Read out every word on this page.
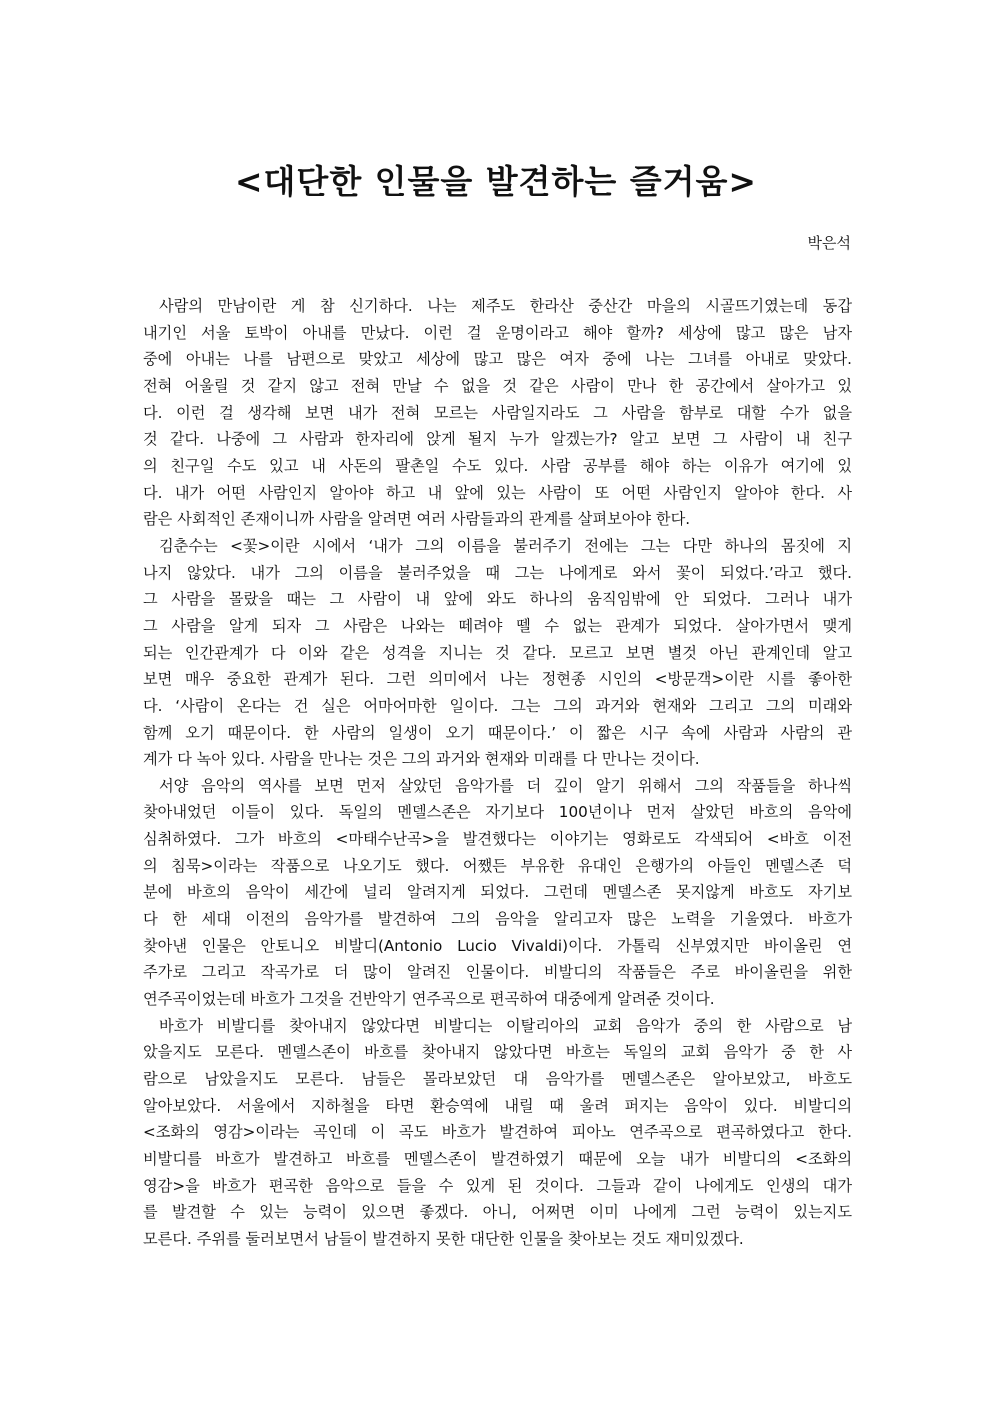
<대단한 인물을 발견하는 즐거움>
박은석
사람의 만남이란 게 참 신기하다. 나는 제주도 한라산 중산간 마을의 시골뜨기였는데 동갑
내기인 서울 토박이 아내를 만났다. 이런 걸 운명이라고 해야 할까? 세상에 많고 많은 남자
중에 아내는 나를 남편으로 맞았고 세상에 많고 많은 여자 중에 나는 그녀를 아내로 맞았다.
전혀 어울릴 것 같지 않고 전혀 만날 수 없을 것 같은 사람이 만나 한 공간에서 살아가고 있
다. 이런 걸 생각해 보면 내가 전혀 모르는 사람일지라도 그 사람을 함부로 대할 수가 없을
것 같다. 나중에 그 사람과 한자리에 앉게 될지 누가 알겠는가? 알고 보면 그 사람이 내 친구
의 친구일 수도 있고 내 사돈의 팔촌일 수도 있다. 사람 공부를 해야 하는 이유가 여기에 있
다. 내가 어떤 사람인지 알아야 하고 내 앞에 있는 사람이 또 어떤 사람인지 알아야 한다. 사
람은 사회적인 존재이니까 사람을 알려면 여러 사람들과의 관계를 살펴보아야 한다.
김춘수는 <꽃>이란 시에서 ‘내가 그의 이름을 불러주기 전에는 그는 다만 하나의 몸짓에 지
나지 않았다. 내가 그의 이름을 불러주었을 때 그는 나에게로 와서 꽃이 되었다.’라고 했다.
그 사람을 몰랐을 때는 그 사람이 내 앞에 와도 하나의 움직임밖에 안 되었다. 그러나 내가
그 사람을 알게 되자 그 사람은 나와는 떼려야 뗄 수 없는 관계가 되었다. 살아가면서 맺게
되는 인간관계가 다 이와 같은 성격을 지니는 것 같다. 모르고 보면 별것 아닌 관계인데 알고
보면 매우 중요한 관계가 된다. 그런 의미에서 나는 정현종 시인의 <방문객>이란 시를 좋아한
다. ‘사람이 온다는 건 실은 어마어마한 일이다. 그는 그의 과거와 현재와 그리고 그의 미래와
함께 오기 때문이다. 한 사람의 일생이 오기 때문이다.’ 이 짧은 시구 속에 사람과 사람의 관
계가 다 녹아 있다. 사람을 만나는 것은 그의 과거와 현재와 미래를 다 만나는 것이다.
서양 음악의 역사를 보면 먼저 살았던 음악가를 더 깊이 알기 위해서 그의 작품들을 하나씩
찾아내었던 이들이 있다. 독일의 멘델스존은 자기보다 100년이나 먼저 살았던 바흐의 음악에
심취하였다. 그가 바흐의 <마태수난곡>을 발견했다는 이야기는 영화로도 각색되어 <바흐 이전
의 침묵>이라는 작품으로 나오기도 했다. 어쨌든 부유한 유대인 은행가의 아들인 멘델스존 덕
분에 바흐의 음악이 세간에 널리 알려지게 되었다. 그런데 멘델스존 못지않게 바흐도 자기보
다 한 세대 이전의 음악가를 발견하여 그의 음악을 알리고자 많은 노력을 기울였다. 바흐가
찾아낸 인물은 안토니오 비발디(Antonio Lucio Vivaldi)이다. 가톨릭 신부였지만 바이올린 연
주가로 그리고 작곡가로 더 많이 알려진 인물이다. 비발디의 작품들은 주로 바이올린을 위한
연주곡이었는데 바흐가 그것을 건반악기 연주곡으로 편곡하여 대중에게 알려준 것이다.
바흐가 비발디를 찾아내지 않았다면 비발디는 이탈리아의 교회 음악가 중의 한 사람으로 남
았을지도 모른다. 멘델스존이 바흐를 찾아내지 않았다면 바흐는 독일의 교회 음악가 중 한 사
람으로 남았을지도 모른다. 남들은 몰라보았던 대 음악가를 멘델스존은 알아보았고, 바흐도
알아보았다. 서울에서 지하철을 타면 환승역에 내릴 때 울려 퍼지는 음악이 있다. 비발디의
<조화의 영감>이라는 곡인데 이 곡도 바흐가 발견하여 피아노 연주곡으로 편곡하였다고 한다.
비발디를 바흐가 발견하고 바흐를 멘델스존이 발견하였기 때문에 오늘 내가 비발디의 <조화의
영감>을 바흐가 편곡한 음악으로 들을 수 있게 된 것이다. 그들과 같이 나에게도 인생의 대가
를 발견할 수 있는 능력이 있으면 좋겠다. 아니, 어쩌면 이미 나에게 그런 능력이 있는지도
모른다. 주위를 둘러보면서 남들이 발견하지 못한 대단한 인물을 찾아보는 것도 재미있겠다.
